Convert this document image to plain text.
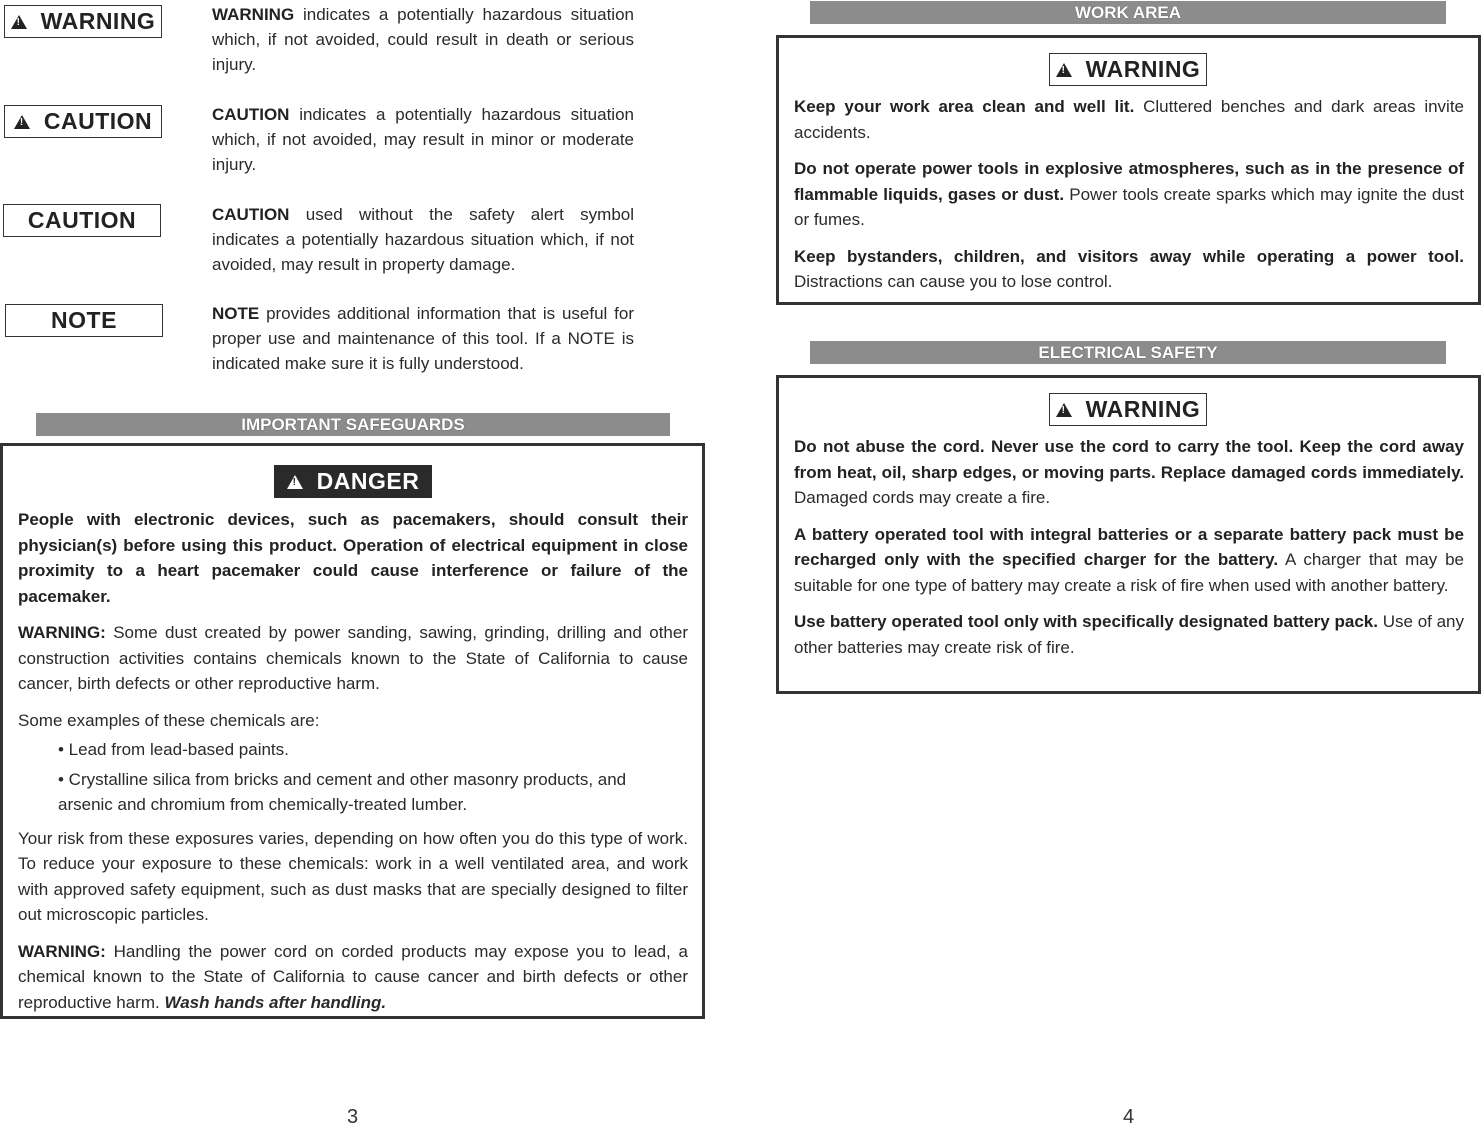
!
WARNING	WARNING indicates a potentially hazardous situation which, if not avoided, could result in death or serious injury.
!
CAUTION	CAUTION indicates a potentially hazardous situation which, if not avoided, may result in minor or moderate injury.
CAUTION	CAUTION used without the safety alert symbol indicates a potentially hazardous situation which, if not avoided, may result in property damage.
NOTE	NOTE provides additional information that is useful for proper use and maintenance of this tool. If a NOTE is indicated make sure it is fully understood.
IMPORTANT SAFEGUARDS
!
DANGER

People with electronic devices, such as pacemakers, should consult their physician(s) before using this product. Operation of electrical equipment in close proximity to a heart pacemaker could cause interference or failure of the pacemaker.

WARNING: Some dust created by power sanding, sawing, grinding, drilling and other construction activities contains chemicals known to the State of California to cause cancer, birth defects or other reproductive harm.

Some examples of these chemicals are:

• Lead from lead-based paints.

• Crystalline silica from bricks and cement and other masonry products, and arsenic and chromium from chemically-treated lumber.

Your risk from these exposures varies, depending on how often you do this type of work. To reduce your exposure to these chemicals: work in a well ventilated area, and work with approved safety equipment, such as dust masks that are specially designed to filter out microscopic particles.

WARNING: Handling the power cord on corded products may expose you to lead, a chemical known to the State of California to cause cancer and birth defects or other reproductive harm. Wash hands after handling.

3
WORK AREA
!
WARNING

Keep your work area clean and well lit. Cluttered benches and dark areas invite accidents.

Do not operate power tools in explosive atmospheres, such as in the presence of flammable liquids, gases or dust. Power tools create sparks which may ignite the dust or fumes.

Keep bystanders, children, and visitors away while operating a power tool. Distractions can cause you to lose control.

ELECTRICAL SAFETY
!
WARNING

Do not abuse the cord. Never use the cord to carry the tool. Keep the cord away from heat, oil, sharp edges, or moving parts. Replace damaged cords immediately. Damaged cords may create a fire.

A battery operated tool with integral batteries or a separate battery pack must be recharged only with the specified charger for the battery. A charger that may be suitable for one type of battery may create a risk of fire when used with another battery.

Use battery operated tool only with specifically designated battery pack. Use of any other batteries may create risk of fire.

4
